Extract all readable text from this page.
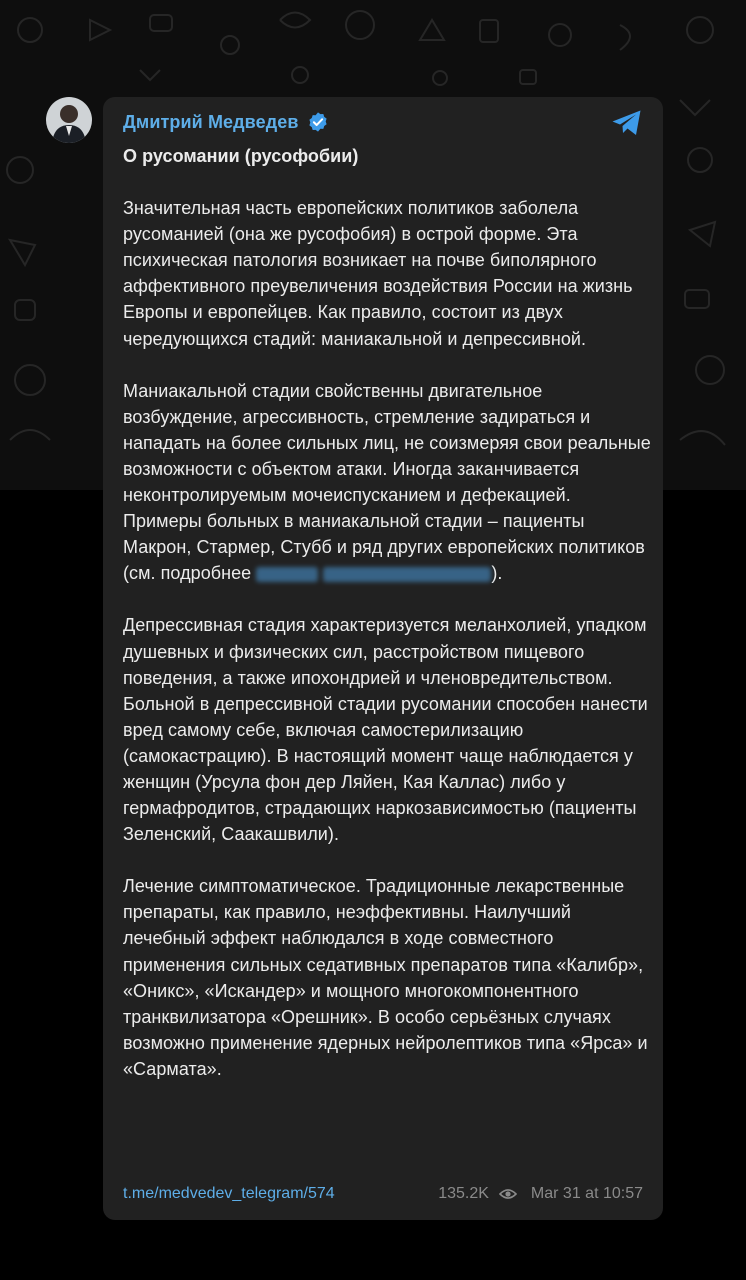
Дмитрий Медведев

О русомании (русофобии)

Значительная часть европейских политиков заболела русоманией (она же русофобия) в острой форме. Эта психическая патология возникает на почве биполярного аффективного преувеличения воздействия России на жизнь Европы и европейцев. Как правило, состоит из двух чередующихся стадий: маниакальной и депрессивной.

Маниакальной стадии свойственны двигательное возбуждение, агрессивность, стремление задираться и нападать на более сильных лиц, не соизмеряя свои реальные возможности с объектом атаки. Иногда заканчивается неконтролируемым мочеиспусканием и дефекацией. Примеры больных в маниакальной стадии – пациенты Макрон, Стармер, Стубб и ряд других европейских политиков (см. подробнее	).

Депрессивная стадия характеризуется меланхолией, упадком душевных и физических сил, расстройством пищевого поведения, а также ипохондрией и членовредительством. Больной в депрессивной стадии русомании способен нанести вред самому себе, включая самостерилизацию (самокастрацию). В настоящий момент чаще наблюдается у женщин (Урсула фон дер Ляйен, Кая Каллас) либо у гермафродитов, страдающих наркозависимостью (пациенты Зеленский, Саакашвили).

Лечение симптоматическое. Традиционные лекарственные препараты, как правило, неэффективны. Наилучший лечебный эффект наблюдался в ходе совместного применения сильных седативных препаратов типа «Калибр», «Оникс», «Искандер» и мощного многокомпонентного транквилизатора «Орешник». В особо серьёзных случаях возможно применение ядерных нейролептиков типа «Ярса» и «Сармата».

t.me/medvedev_telegram/574	135.2K	Mar 31 at 10:57
